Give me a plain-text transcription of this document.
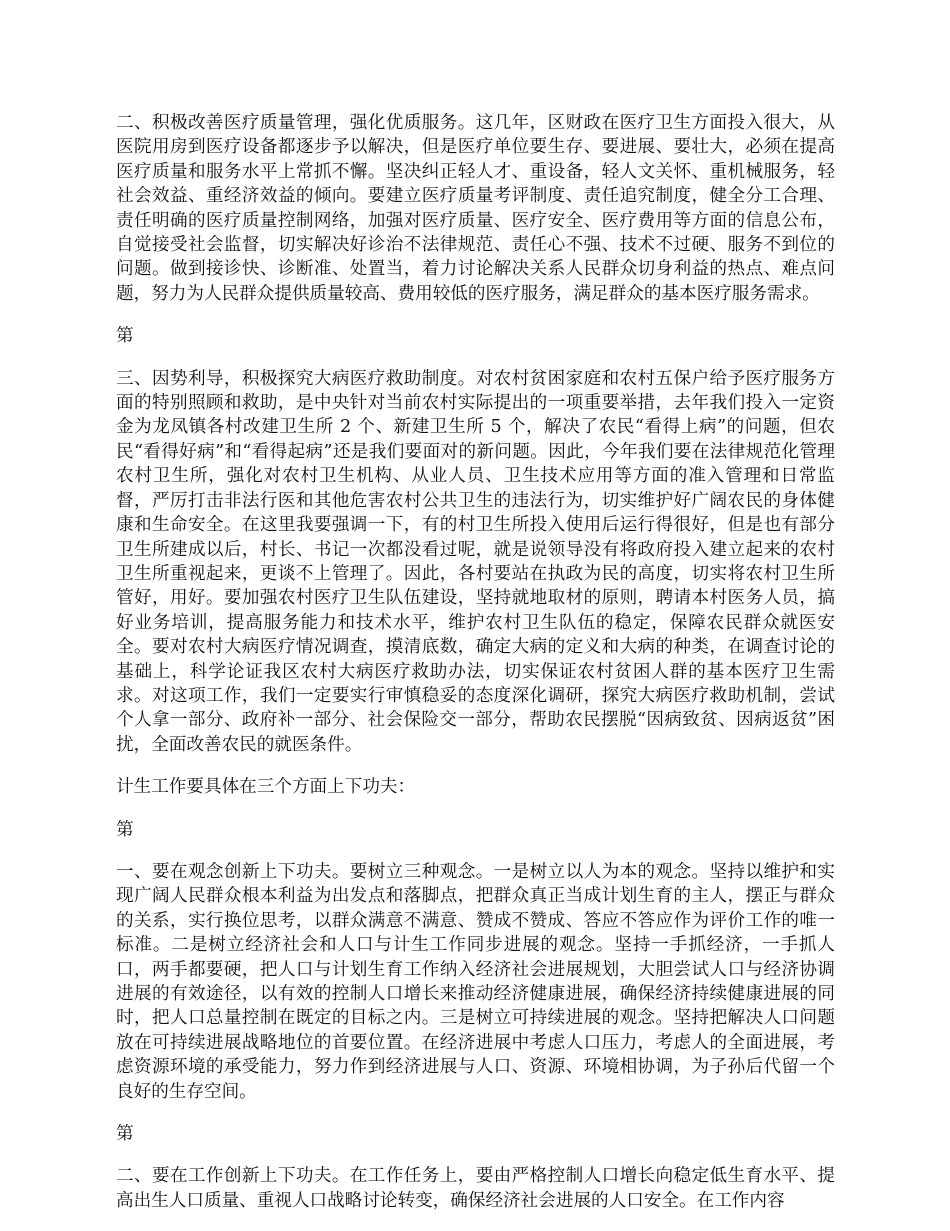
二、积极改善医疗质量管理，强化优质服务。这几年，区财政在医疗卫生方面投入很大，从医院用房到医疗设备都逐步予以解决，但是医疗单位要生存、要进展、要壮大，必须在提高医疗质量和服务水平上常抓不懈。坚决纠正轻人才、重设备，轻人文关怀、重机械服务，轻社会效益、重经济效益的倾向。要建立医疗质量考评制度、责任追究制度，健全分工合理、责任明确的医疗质量控制网络，加强对医疗质量、医疗安全、医疗费用等方面的信息公布，自觉接受社会监督，切实解决好诊治不法律规范、责任心不强、技术不过硬、服务不到位的问题。做到接诊快、诊断准、处置当，着力讨论解决关系人民群众切身利益的热点、难点问题，努力为人民群众提供质量较高、费用较低的医疗服务，满足群众的基本医疗服务需求。

第

三、因势利导，积极探究大病医疗救助制度。对农村贫困家庭和农村五保户给予医疗服务方面的特别照顾和救助，是中央针对当前农村实际提出的一项重要举措，去年我们投入一定资金为龙凤镇各村改建卫生所 2 个、新建卫生所 5 个，解决了农民“看得上病”的问题，但农民“看得好病”和“看得起病”还是我们要面对的新问题。因此，今年我们要在法律规范化管理农村卫生所，强化对农村卫生机构、从业人员、卫生技术应用等方面的准入管理和日常监督，严厉打击非法行医和其他危害农村公共卫生的违法行为，切实维护好广阔农民的身体健康和生命安全。在这里我要强调一下，有的村卫生所投入使用后运行得很好，但是也有部分卫生所建成以后，村长、书记一次都没看过呢，就是说领导没有将政府投入建立起来的农村卫生所重视起来，更谈不上管理了。因此，各村要站在执政为民的高度，切实将农村卫生所管好，用好。要加强农村医疗卫生队伍建设，坚持就地取材的原则，聘请本村医务人员，搞好业务培训，提高服务能力和技术水平，维护农村卫生队伍的稳定，保障农民群众就医安全。要对农村大病医疗情况调查，摸清底数，确定大病的定义和大病的种类，在调查讨论的基础上，科学论证我区农村大病医疗救助办法，切实保证农村贫困人群的基本医疗卫生需求。对这项工作，我们一定要实行审慎稳妥的态度深化调研，探究大病医疗救助机制，尝试个人拿一部分、政府补一部分、社会保险交一部分，帮助农民摆脱“因病致贫、因病返贫”困扰，全面改善农民的就医条件。

计生工作要具体在三个方面上下功夫：

第

一、要在观念创新上下功夫。要树立三种观念。一是树立以人为本的观念。坚持以维护和实现广阔人民群众根本利益为出发点和落脚点，把群众真正当成计划生育的主人，摆正与群众的关系，实行换位思考，以群众满意不满意、赞成不赞成、答应不答应作为评价工作的唯一标准。二是树立经济社会和人口与计生工作同步进展的观念。坚持一手抓经济，一手抓人口，两手都要硬，把人口与计划生育工作纳入经济社会进展规划，大胆尝试人口与经济协调进展的有效途径，以有效的控制人口增长来推动经济健康进展，确保经济持续健康进展的同时，把人口总量控制在既定的目标之内。三是树立可持续进展的观念。坚持把解决人口问题放在可持续进展战略地位的首要位置。在经济进展中考虑人口压力，考虑人的全面进展，考虑资源环境的承受能力，努力作到经济进展与人口、资源、环境相协调，为子孙后代留一个良好的生存空间。

第

二、要在工作创新上下功夫。在工作任务上，要由严格控制人口增长向稳定低生育水平、提高出生人口质量、重视人口战略讨论转变，确保经济社会进展的人口安全。在工作内容
